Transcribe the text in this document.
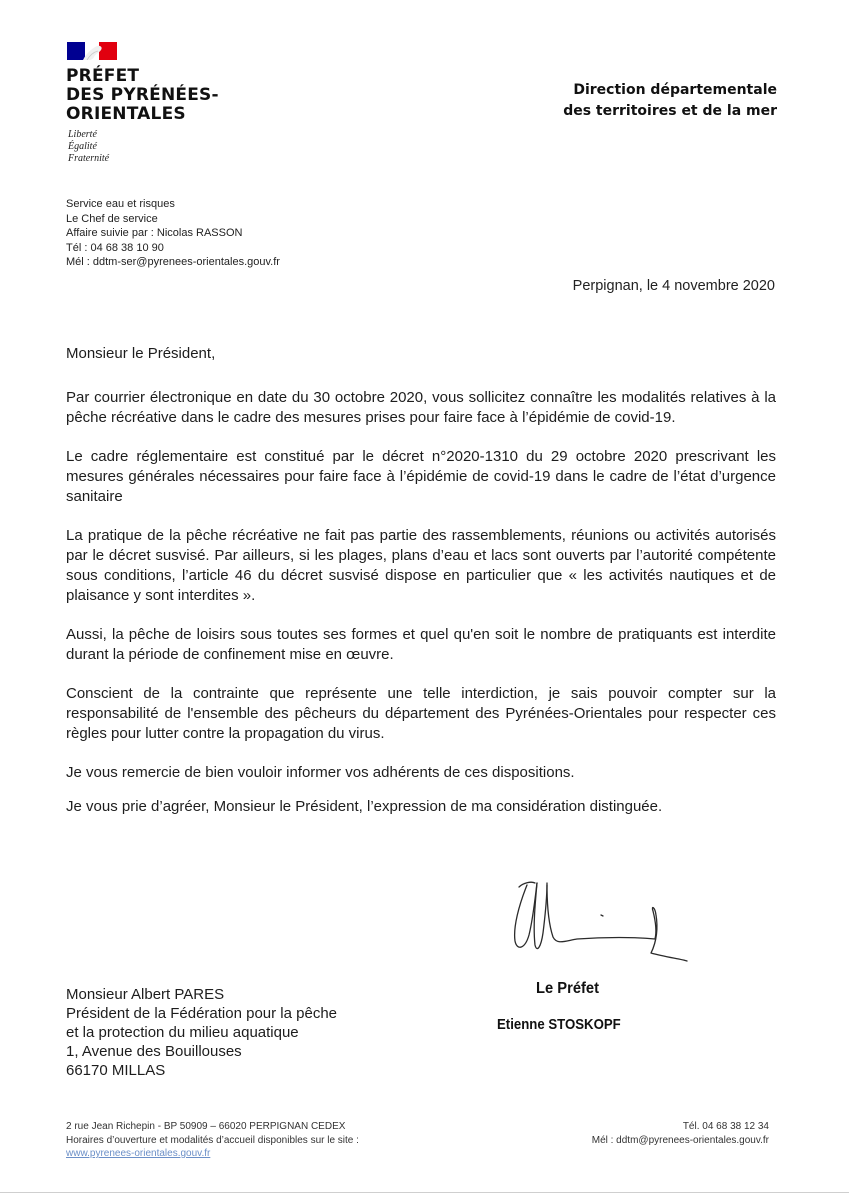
PRÉFET
DES PYRÉNÉES-
ORIENTALES
Liberté
Égalité
Fraternité
Direction départementale
des territoires et de la mer
Service eau et risques
Le Chef de service
Affaire suivie par : Nicolas RASSON
Tél : 04 68 38 10 90
Mél : ddtm-ser@pyrenees-orientales.gouv.fr
Perpignan, le 4 novembre 2020

Monsieur le Président,

Par courrier électronique en date du 30 octobre 2020, vous sollicitez connaître les modalités relatives à la pêche récréative dans le cadre des mesures prises pour faire face à l’épidémie de covid-19.

Le cadre réglementaire est constitué par le décret n°2020-1310 du 29 octobre 2020 prescrivant les mesures générales nécessaires pour faire face à l’épidémie de covid-19 dans le cadre de l’état d’urgence sanitaire

La pratique de la pêche récréative ne fait pas partie des rassemblements, réunions ou activités autorisés par le décret susvisé. Par ailleurs, si les plages, plans d’eau et lacs sont ouverts par l’autorité compétente sous conditions, l’article 46 du décret susvisé dispose en particulier que « les activités nautiques et de plaisance y sont interdites ».

Aussi, la pêche de loisirs sous toutes ses formes et quel qu'en soit le nombre de pratiquants est interdite durant la période de confinement mise en œuvre.

Conscient de la contrainte que représente une telle interdiction, je sais pouvoir compter sur la responsabilité de l'ensemble des pêcheurs du département des Pyrénées-Orientales pour respecter ces règles pour lutter contre la propagation du virus.

Je vous remercie de bien vouloir informer vos adhérents de ces dispositions.

Je vous prie d’agréer, Monsieur le Président, l’expression de ma considération distinguée.

Le Préfet
Etienne STOSKOPF
Monsieur Albert PARES
Président de la Fédération pour la pêche
et la protection du milieu aquatique
1, Avenue des Bouillouses
66170 MILLAS
2 rue Jean Richepin - BP 50909 – 66020 PERPIGNAN CEDEX
Horaires d’ouverture et modalités d’accueil disponibles sur le site :
www.pyrenees-orientales.gouv.fr
Tél. 04 68 38 12 34
Mél : ddtm@pyrenees-orientales.gouv.fr
